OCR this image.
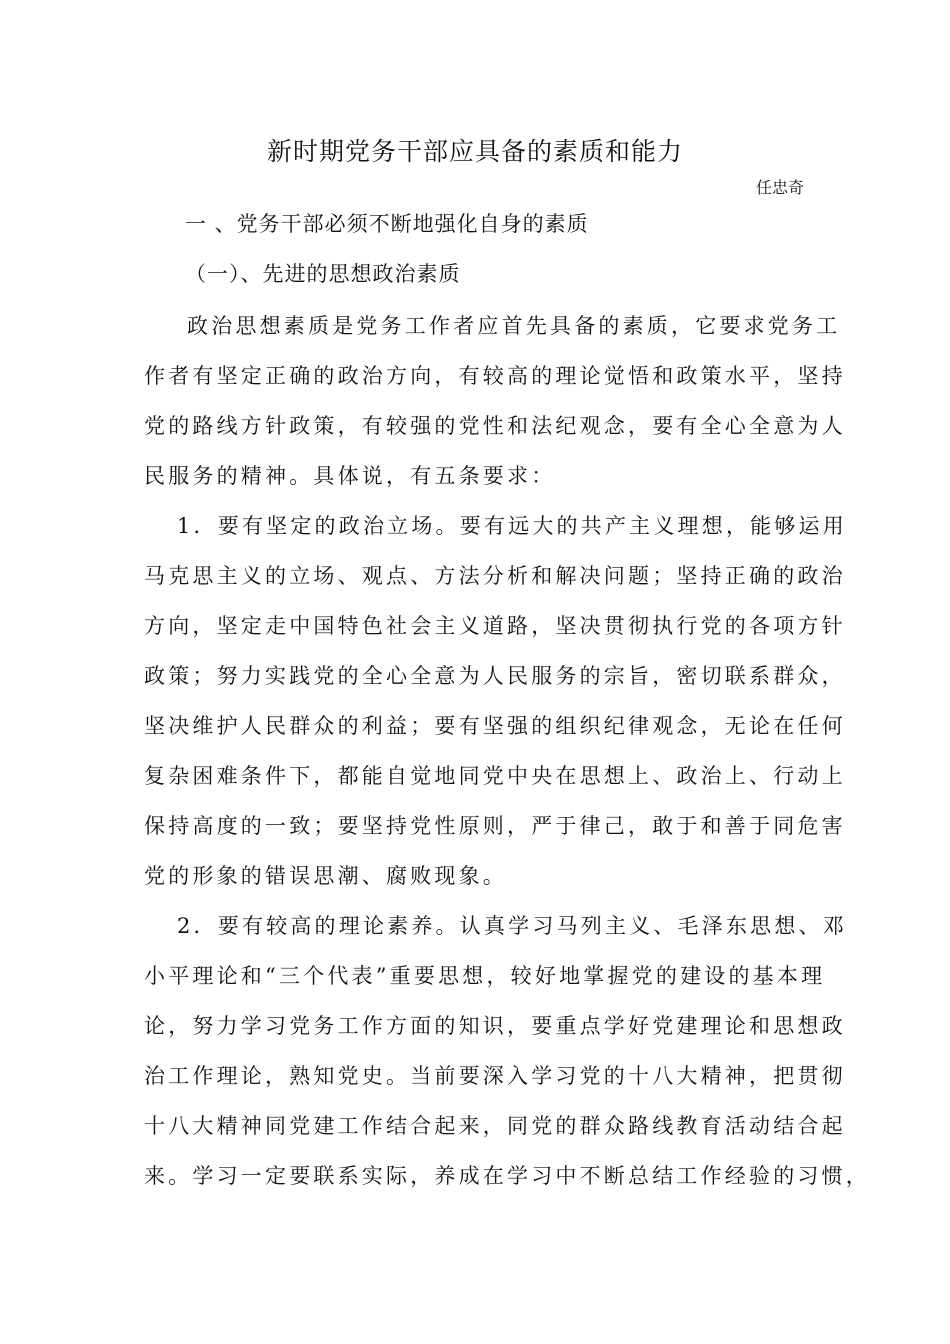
新时期党务干部应具备的素质和能力
任忠奇
一 、党务干部必须不断地强化自身的素质
（一）、先进的思想政治素质
政治思想素质是党务工作者应首先具备的素质，它要求党务工
作者有坚定正确的政治方向，有较高的理论觉悟和政策水平，坚持
党的路线方针政策，有较强的党性和法纪观念，要有全心全意为人
民服务的精神。具体说，有五条要求：
1．要有坚定的政治立场。要有远大的共产主义理想，能够运用
马克思主义的立场、观点、方法分析和解决问题；坚持正确的政治
方向，坚定走中国特色社会主义道路，坚决贯彻执行党的各项方针
政策；努力实践党的全心全意为人民服务的宗旨，密切联系群众，
坚决维护人民群众的利益；要有坚强的组织纪律观念，无论在任何
复杂困难条件下，都能自觉地同党中央在思想上、政治上、行动上
保持高度的一致；要坚持党性原则，严于律己，敢于和善于同危害
党的形象的错误思潮、腐败现象。
2．要有较高的理论素养。认真学习马列主义、毛泽东思想、邓
小平理论和“三个代表”重要思想，较好地掌握党的建设的基本理
论，努力学习党务工作方面的知识，要重点学好党建理论和思想政
治工作理论，熟知党史。当前要深入学习党的十八大精神，把贯彻
十八大精神同党建工作结合起来，同党的群众路线教育活动结合起
来。学习一定要联系实际，养成在学习中不断总结工作经验的习惯，
